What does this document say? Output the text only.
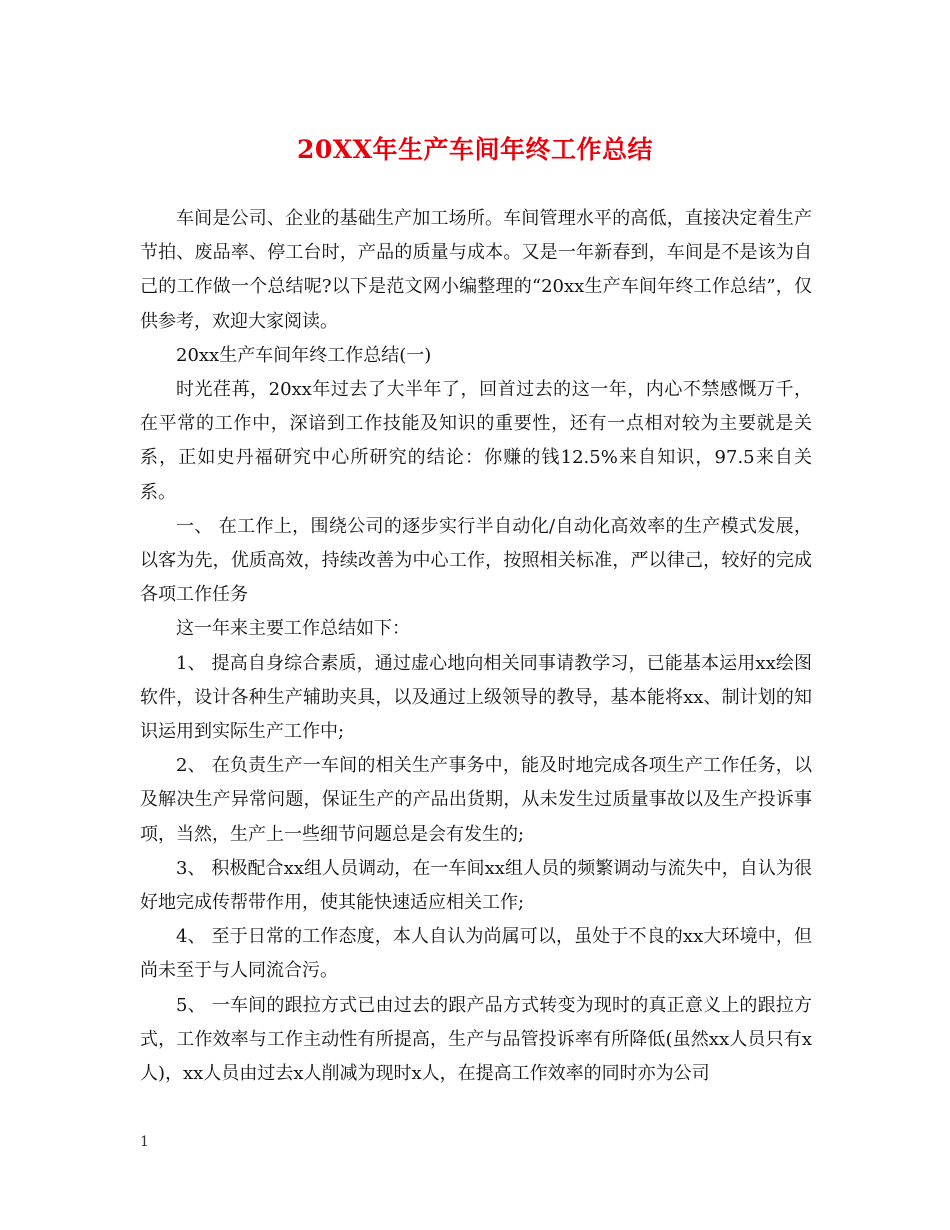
20XX年生产车间年终工作总结

车间是公司、企业的基础生产加工场所。车间管理水平的高低，直接决定着生产节拍、废品率、停工台时，产品的质量与成本。又是一年新春到，车间是不是该为自己的工作做一个总结呢?以下是范文网小编整理的“20xx生产车间年终工作总结”，仅供参考，欢迎大家阅读。

20xx生产车间年终工作总结(一)

时光荏苒，20xx年过去了大半年了，回首过去的这一年，内心不禁感慨万千，在平常的工作中，深谙到工作技能及知识的重要性，还有一点相对较为主要就是关系，正如史丹福研究中心所研究的结论：你赚的钱12.5%来自知识，97.5来自关系。

一、 在工作上，围绕公司的逐步实行半自动化/自动化高效率的生产模式发展，以客为先，优质高效，持续改善为中心工作，按照相关标准，严以律己，较好的完成各项工作任务

这一年来主要工作总结如下：

1、 提高自身综合素质，通过虚心地向相关同事请教学习，已能基本运用xx绘图软件，设计各种生产辅助夹具，以及通过上级领导的教导，基本能将xx、制计划的知识运用到实际生产工作中;

2、 在负责生产一车间的相关生产事务中，能及时地完成各项生产工作任务，以及解决生产异常问题，保证生产的产品出货期，从未发生过质量事故以及生产投诉事项，当然，生产上一些细节问题总是会有发生的;

3、 积极配合xx组人员调动，在一车间xx组人员的频繁调动与流失中，自认为很好地完成传帮带作用，使其能快速适应相关工作;

4、 至于日常的工作态度，本人自认为尚属可以，虽处于不良的xx大环境中，但尚未至于与人同流合污。

5、 一车间的跟拉方式已由过去的跟产品方式转变为现时的真正意义上的跟拉方式，工作效率与工作主动性有所提高，生产与品管投诉率有所降低(虽然xx人员只有x人)，xx人员由过去x人削减为现时x人，在提高工作效率的同时亦为公司

1
